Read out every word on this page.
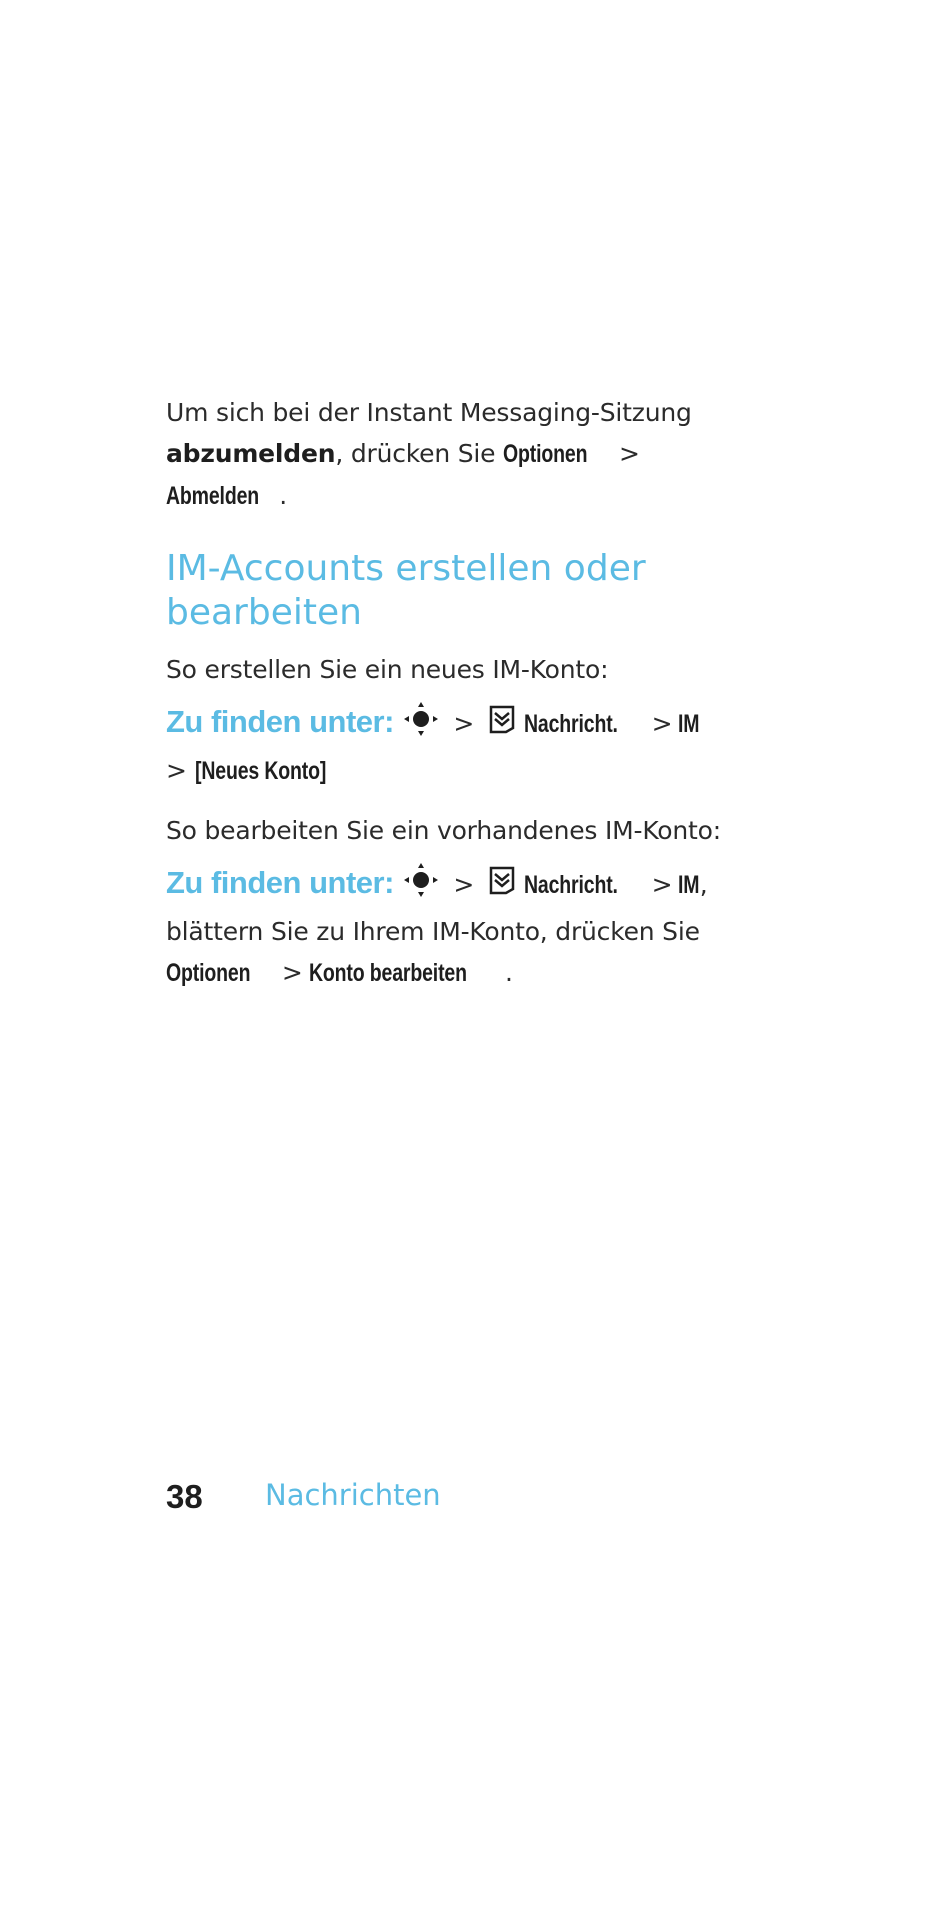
Um sich bei der Instant Messaging-Sitzung
abzumelden, drücken Sie Optionen >Abmelden .

IM-Accounts erstellen oder
bearbeiten

So erstellen Sie ein neues IM-Konto:

Zu finden unter: > Nachricht. > IM
> [Neues Konto]

So bearbeiten Sie ein vorhandenes IM-Konto:

Zu finden unter: > Nachricht. > IM,
blättern Sie zu Ihrem IM-Konto, drücken Sie
Optionen > Konto bearbeiten .

38 Nachrichten
